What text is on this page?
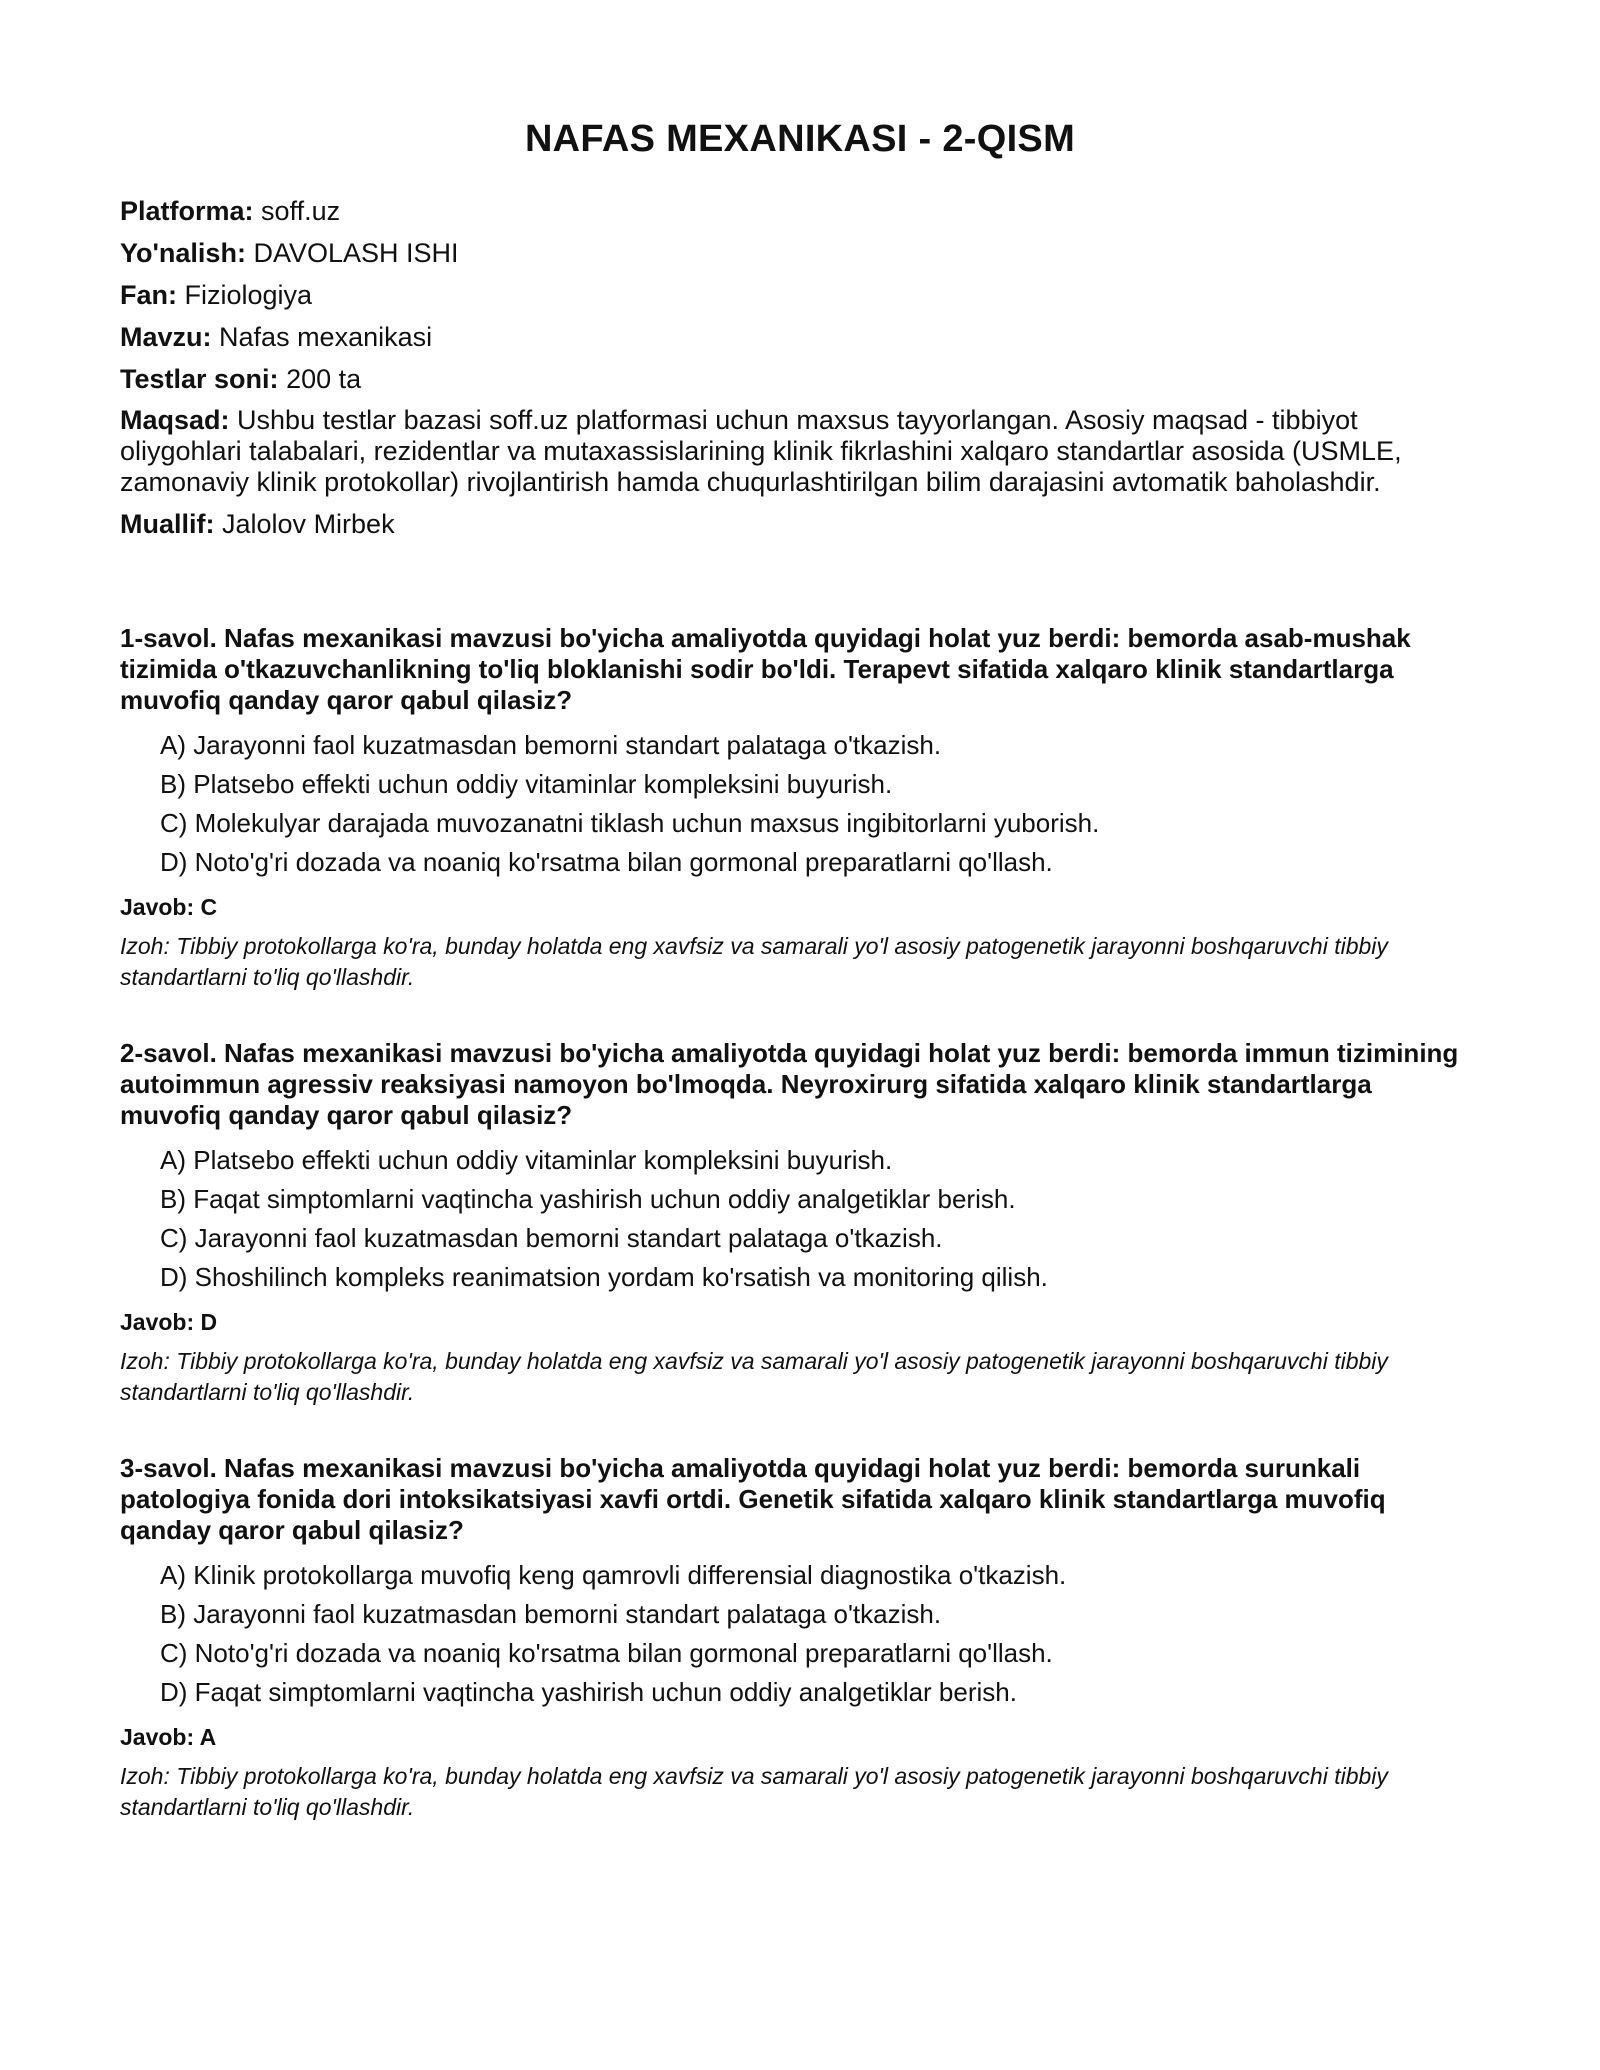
NAFAS MEXANIKASI - 2-QISM

Platforma: soff.uz

Yo'nalish: DAVOLASH ISHI

Fan: Fiziologiya

Mavzu: Nafas mexanikasi

Testlar soni: 200 ta

Maqsad: Ushbu testlar bazasi soff.uz platformasi uchun maxsus tayyorlangan. Asosiy maqsad - tibbiyot oliygohlari talabalari, rezidentlar va mutaxassislarining klinik fikrlashini xalqaro standartlar asosida (USMLE, zamonaviy klinik protokollar) rivojlantirish hamda chuqurlashtirilgan bilim darajasini avtomatik baholashdir.

Muallif: Jalolov Mirbek

1-savol. Nafas mexanikasi mavzusi bo'yicha amaliyotda quyidagi holat yuz berdi: bemorda asab-mushak tizimida o'tkazuvchanlikning to'liq bloklanishi sodir bo'ldi. Terapevt sifatida xalqaro klinik standartlarga muvofiq qanday qaror qabul qilasiz?

A) Jarayonni faol kuzatmasdan bemorni standart palataga o'tkazish.
B) Platsebo effekti uchun oddiy vitaminlar kompleksini buyurish.
C) Molekulyar darajada muvozanatni tiklash uchun maxsus ingibitorlarni yuborish.
D) Noto'g'ri dozada va noaniq ko'rsatma bilan gormonal preparatlarni qo'llash.

Javob: C

Izoh: Tibbiy protokollarga ko'ra, bunday holatda eng xavfsiz va samarali yo'l asosiy patogenetik jarayonni boshqaruvchi tibbiy standartlarni to'liq qo'llashdir.

2-savol. Nafas mexanikasi mavzusi bo'yicha amaliyotda quyidagi holat yuz berdi: bemorda immun tizimining autoimmun agressiv reaksiyasi namoyon bo'lmoqda. Neyroxirurg sifatida xalqaro klinik standartlarga muvofiq qanday qaror qabul qilasiz?

A) Platsebo effekti uchun oddiy vitaminlar kompleksini buyurish.
B) Faqat simptomlarni vaqtincha yashirish uchun oddiy analgetiklar berish.
C) Jarayonni faol kuzatmasdan bemorni standart palataga o'tkazish.
D) Shoshilinch kompleks reanimatsion yordam ko'rsatish va monitoring qilish.

Javob: D

Izoh: Tibbiy protokollarga ko'ra, bunday holatda eng xavfsiz va samarali yo'l asosiy patogenetik jarayonni boshqaruvchi tibbiy standartlarni to'liq qo'llashdir.

3-savol. Nafas mexanikasi mavzusi bo'yicha amaliyotda quyidagi holat yuz berdi: bemorda surunkali patologiya fonida dori intoksikatsiyasi xavfi ortdi. Genetik sifatida xalqaro klinik standartlarga muvofiq qanday qaror qabul qilasiz?

A) Klinik protokollarga muvofiq keng qamrovli differensial diagnostika o'tkazish.
B) Jarayonni faol kuzatmasdan bemorni standart palataga o'tkazish.
C) Noto'g'ri dozada va noaniq ko'rsatma bilan gormonal preparatlarni qo'llash.
D) Faqat simptomlarni vaqtincha yashirish uchun oddiy analgetiklar berish.

Javob: A

Izoh: Tibbiy protokollarga ko'ra, bunday holatda eng xavfsiz va samarali yo'l asosiy patogenetik jarayonni boshqaruvchi tibbiy standartlarni to'liq qo'llashdir.
